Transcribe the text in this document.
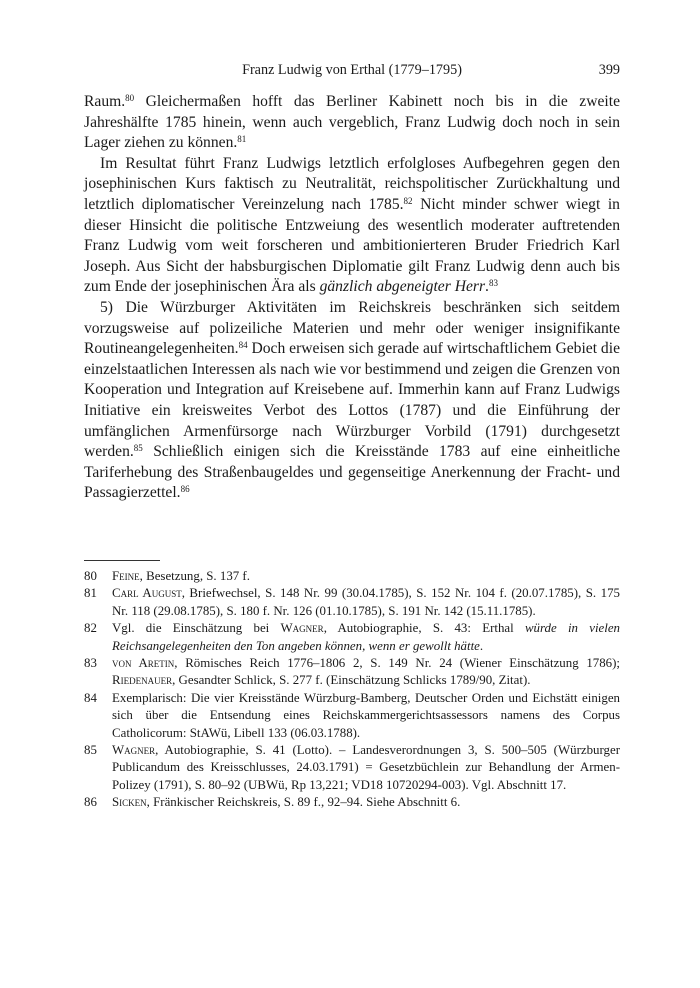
Franz Ludwig von Erthal (1779–1795)	399

Raum.$^{80}$ Gleichermaßen hofft das Berliner Kabinett noch bis in die zweite Jahreshälfte 1785 hinein, wenn auch vergeblich, Franz Ludwig doch noch in sein Lager ziehen zu können.$^{81}$

Im Resultat führt Franz Ludwigs letztlich erfolgloses Aufbegehren gegen den josephinischen Kurs faktisch zu Neutralität, reichspolitischer Zurückhaltung und letztlich diplomatischer Vereinzelung nach 1785.82 Nicht minder schwer wiegt in dieser Hinsicht die politische Entzweiung des wesentlich moderater auftretenden Franz Ludwig vom weit forscheren und ambitionierteren Bruder Friedrich Karl Joseph. Aus Sicht der habsburgischen Diplomatie gilt Franz Ludwig denn auch bis zum Ende der josephinischen Ära als gänzlich abgeneigter Herr.$^{83}$

5) Die Würzburger Aktivitäten im Reichskreis beschränken sich seitdem vorzugsweise auf polizeiliche Materien und mehr oder weniger insignifikante Routineangelegenheiten.$^{84}$ Doch erweisen sich gerade auf wirtschaftlichem Gebiet die einzelstaatlichen Interessen als nach wie vor bestimmend und zeigen die Grenzen von Kooperation und Integration auf Kreisebene auf. Immerhin kann auf Franz Ludwigs Initiative ein kreisweites Verbot des Lottos (1787) und die Einführung der umfänglichen Armenfürsorge nach Würzburger Vorbild (1791) durchgesetzt werden.$^{85}$ Schließlich einigen sich die Kreisstände 1783 auf eine einheitliche Tariferhebung des Straßenbaugeldes und gegenseitige Anerkennung der Fracht- und Passagierzettel.$^{86}$

80 Feine, Besetzung, S. 137 f.
81 Carl August, Briefwechsel, S. 148 Nr. 99 (30.04.1785), S. 152 Nr. 104 f. (20.07.1785), S. 175 Nr. 118 (29.08.1785), S. 180 f. Nr. 126 (01.10.1785), S. 191 Nr. 142 (15.11.1785).
82 Vgl. die Einschätzung bei Wagner, Autobiographie, S. 43: Erthal würde in vielen Reichsangelegenheiten den Ton angeben können, wenn er gewollt hätte.
83 von Aretin, Römisches Reich 1776–1806 2, S. 149 Nr. 24 (Wiener Einschätzung 1786); Riedenauer, Gesandter Schlick, S. 277 f. (Einschätzung Schlicks 1789/90, Zitat).
84 Exemplarisch: Die vier Kreisstände Würzburg-Bamberg, Deutscher Orden und Eichstätt einigen sich über die Entsendung eines Reichskammergerichtsassessors namens des Corpus Catholicorum: StAWü, Libell 133 (06.03.1788).
85 Wagner, Autobiographie, S. 41 (Lotto). – Landesverordnungen 3, S. 500–505 (Würzburger Publicandum des Kreisschlusses, 24.03.1791) = Gesetzbüchlein zur Behandlung der Armen-Polizey (1791), S. 80–92 (UBWü, Rp 13,221; VD18 10720294-003). Vgl. Abschnitt 17.
86 Sicken, Fränkischer Reichskreis, S. 89 f., 92–94. Siehe Abschnitt 6.
